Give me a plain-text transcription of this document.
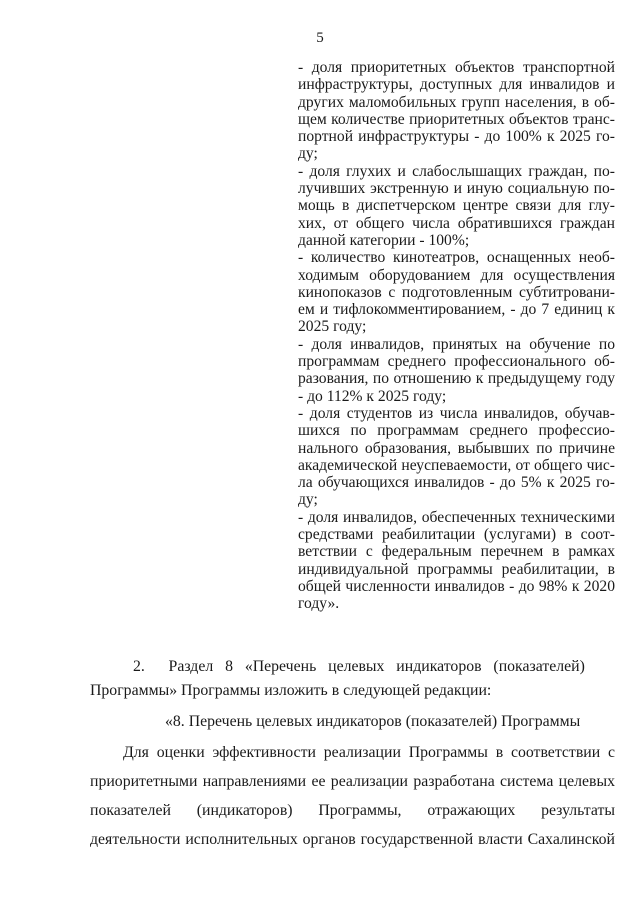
5
- доля приоритетных объектов транспортной
инфраструктуры, доступных для инвалидов и
других маломобильных групп населения, в об-
щем количестве приоритетных объектов транс-
портной инфраструктуры - до 100% к 2025 го-
ду;
- доля глухих и слабослышащих граждан, по-
лучивших экстренную и иную социальную по-
мощь в диспетчерском центре связи для глу-
хих, от общего числа обратившихся граждан
данной категории - 100%;
- количество кинотеатров, оснащенных необ-
ходимым оборудованием для осуществления
кинопоказов с подготовленным субтитровани-
ем и тифлокомментированием, - до 7 единиц к
2025 году;
- доля инвалидов, принятых на обучение по
программам среднего профессионального об-
разования, по отношению к предыдущему году
- до 112% к 2025 году;
- доля студентов из числа инвалидов, обучав-
шихся по программам среднего профессио-
нального образования, выбывших по причине
академической неуспеваемости, от общего чис-
ла обучающихся инвалидов - до 5% к 2025 го-
ду;
- доля инвалидов, обеспеченных техническими
средствами реабилитации (услугами) в соот-
ветствии с федеральным перечнем в рамках
индивидуальной программы реабилитации, в
общей численности инвалидов - до 98% к 2020
году».
2.      Раздел   8   «Перечень   целевых   индикаторов   (показателей)
Программы» Программы изложить в следующей редакции:
«8. Перечень целевых индикаторов (показателей) Программы
Для оценки эффективности реализации Программы в соответствии с
приоритетными направлениями ее реализации разработана система целевых
показателей (индикаторов) Программы, отражающих результаты
деятельности исполнительных органов государственной власти Сахалинской
